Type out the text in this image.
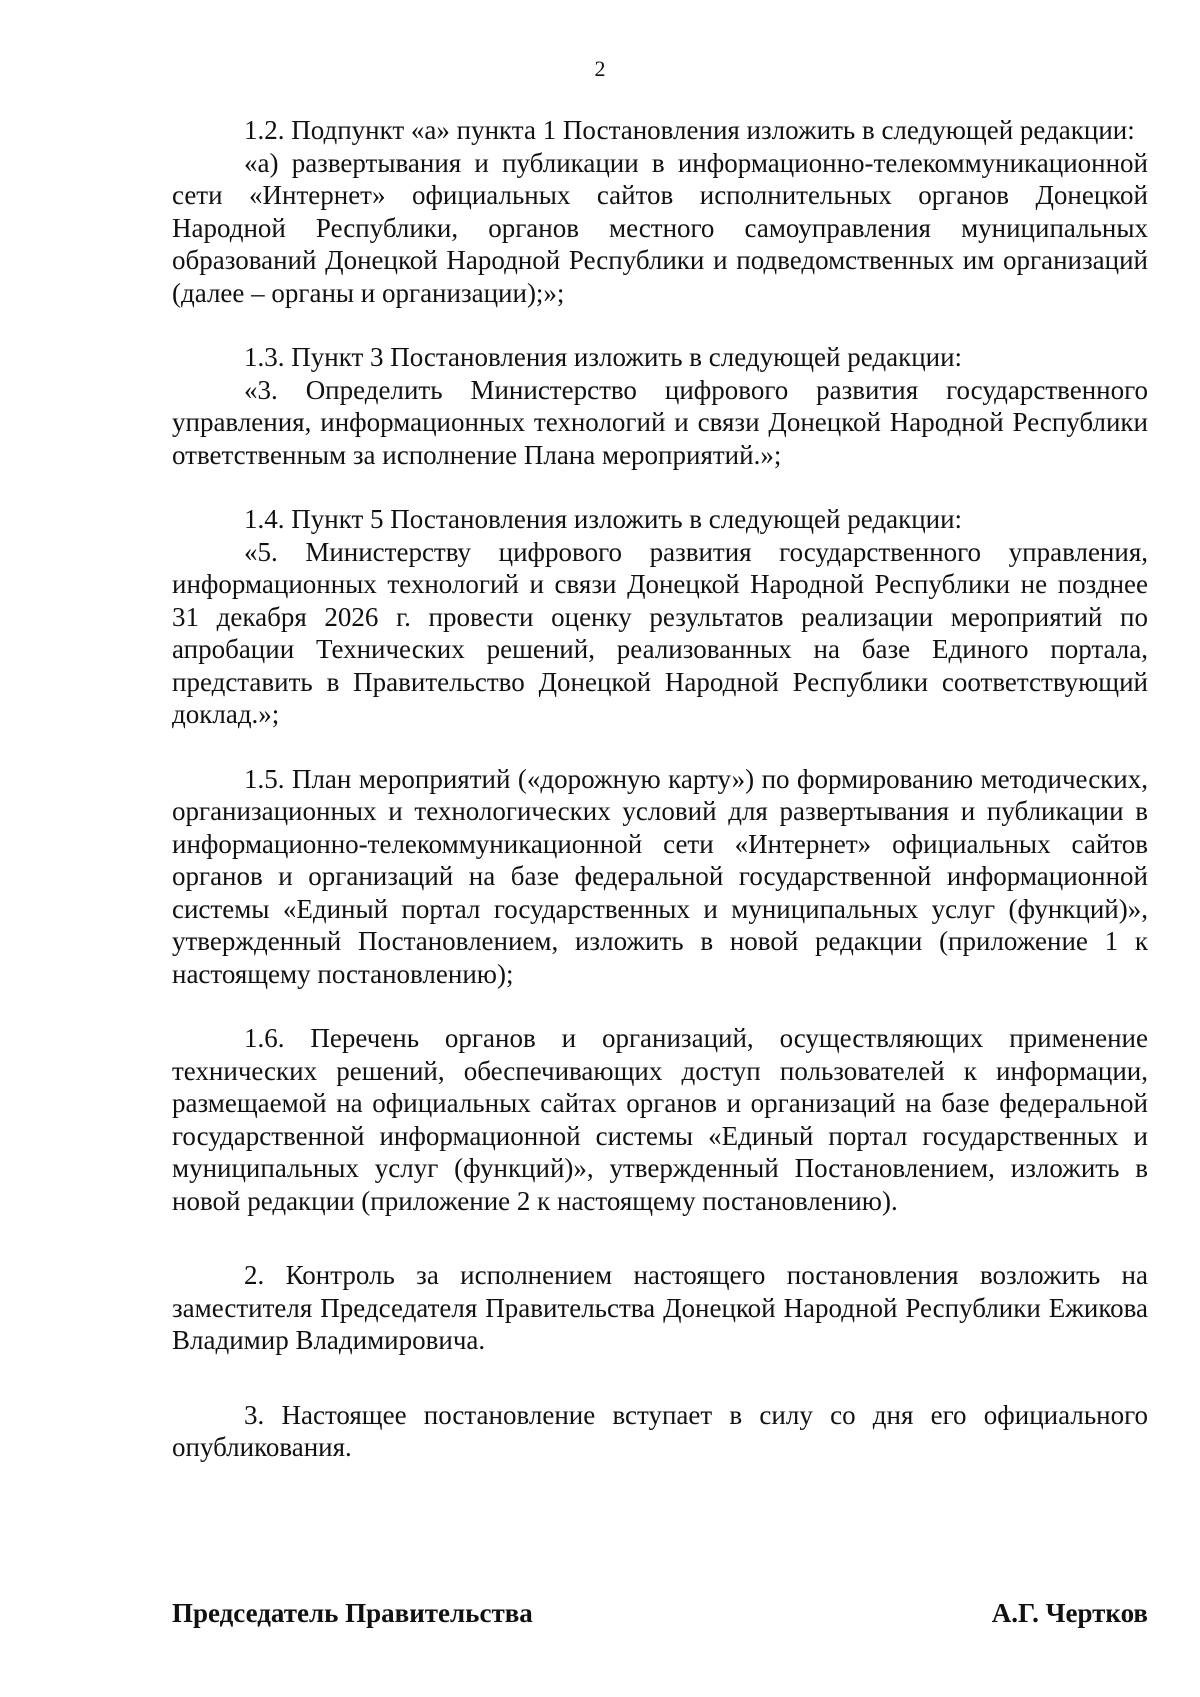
2

1.2. Подпункт «а» пункта 1 Постановления изложить в следующей редакции:

«а) развертывания и публикации в информационно-телекоммуникационной сети «Интернет» официальных сайтов исполнительных органов Донецкой Народной Республики, органов местного самоуправления муниципальных образований Донецкой Народной Республики и подведомственных им организаций (далее – органы и организации);»;

1.3. Пункт 3 Постановления изложить в следующей редакции:

«3. Определить Министерство цифрового развития государственного управления, информационных технологий и связи Донецкой Народной Республики ответственным за исполнение Плана мероприятий.»;

1.4. Пункт 5 Постановления изложить в следующей редакции:

«5. Министерству цифрового развития государственного управления, информационных технологий и связи Донецкой Народной Республики не позднее 31 декабря 2026 г. провести оценку результатов реализации мероприятий по апробации Технических решений, реализованных на базе Единого портала, представить в Правительство Донецкой Народной Республики соответствующий доклад.»;

1.5. План мероприятий («дорожную карту») по формированию методических, организационных и технологических условий для развертывания и публикации в информационно-телекоммуникационной сети «Интернет» официальных сайтов органов и организаций на базе федеральной государственной информационной системы «Единый портал государственных и муниципальных услуг (функций)», утвержденный Постановлением, изложить в новой редакции (приложение 1 к настоящему постановлению);

1.6. Перечень органов и организаций, осуществляющих применение технических решений, обеспечивающих доступ пользователей к информации, размещаемой на официальных сайтах органов и организаций на базе федеральной государственной информационной системы «Единый портал государственных и муниципальных услуг (функций)», утвержденный Постановлением, изложить в новой редакции (приложение 2 к настоящему постановлению).

2. Контроль за исполнением настоящего постановления возложить на заместителя Председателя Правительства Донецкой Народной Республики Ежикова Владимир Владимировича.

3. Настоящее постановление вступает в силу со дня его официального опубликования.

Председатель Правительства	А.Г. Чертков
